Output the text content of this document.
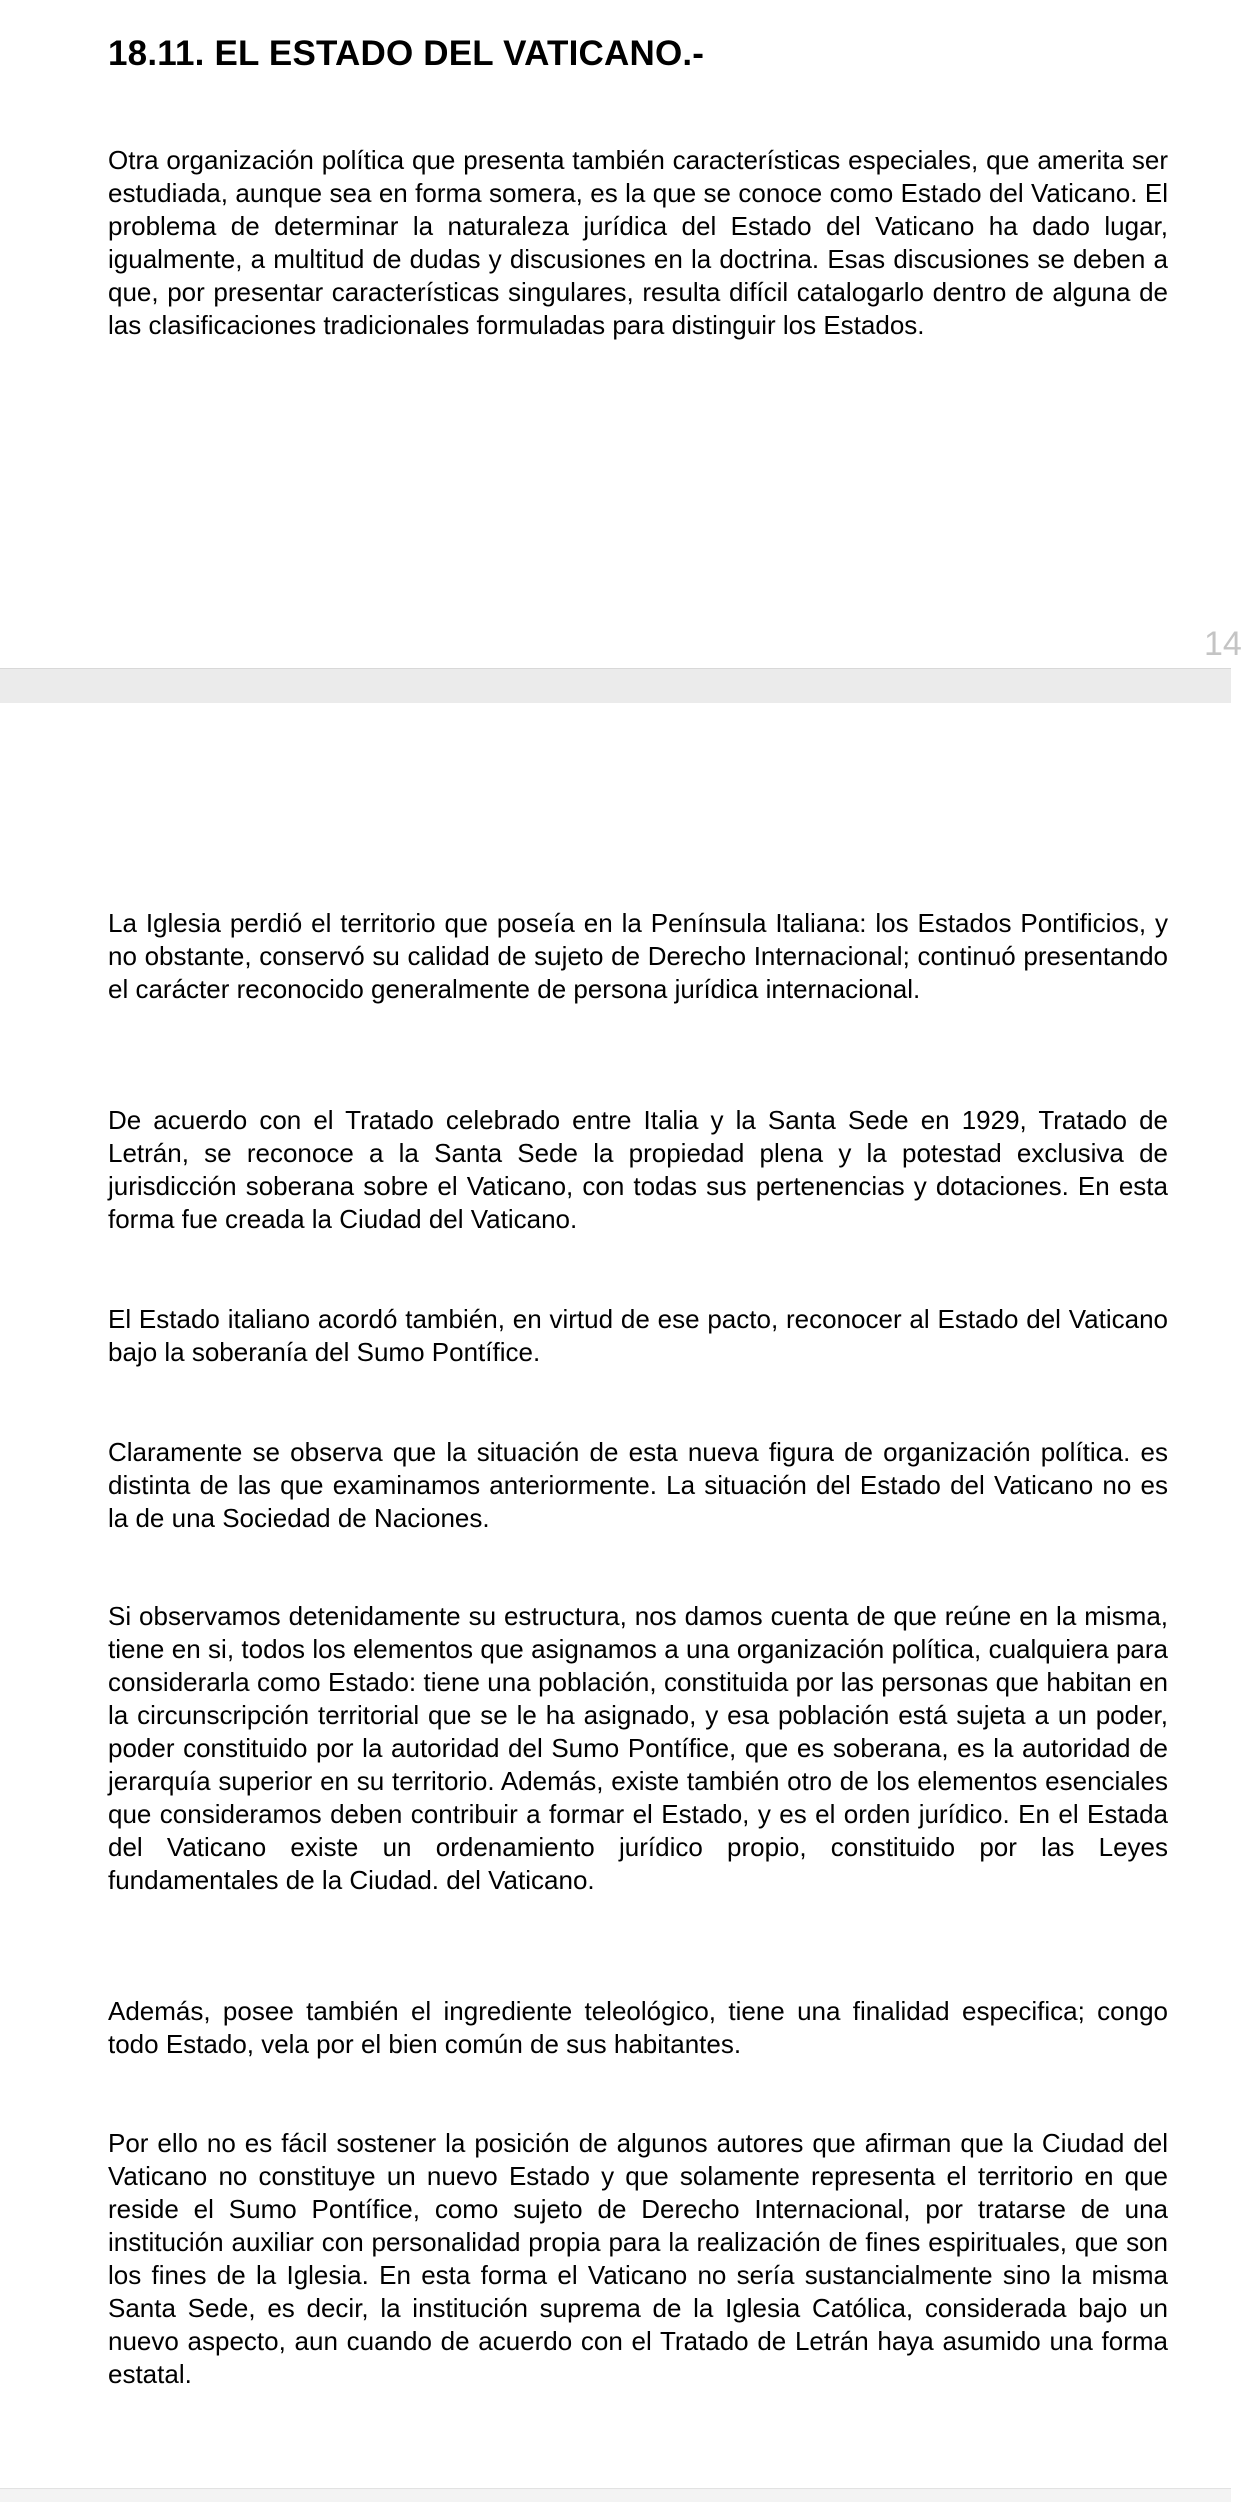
18.11. EL ESTADO DEL VATICANO.-

Otra organización política que presenta también características especiales, que amerita ser estudiada, aunque sea en forma somera, es la que se conoce como Estado del Vaticano. El problema de determinar la naturaleza jurídica del Estado del Vaticano ha dado lugar, igualmente, a multitud de dudas y discusiones en la doctrina. Esas discusiones se deben a que, por presentar características singulares, resulta difícil catalogarlo dentro de alguna de las clasificaciones tradicionales formuladas para distinguir los Estados.

14

La Iglesia perdió el territorio que poseía en la Península Italiana: los Estados Pontificios, y no obstante, conservó su calidad de sujeto de Derecho Internacional; continuó presentando el carácter reconocido generalmente de persona jurídica internacional.

De acuerdo con el Tratado celebrado entre Italia y la Santa Sede en 1929, Tratado de Letrán, se reconoce a la Santa Sede la propiedad plena y la potestad exclusiva de jurisdicción soberana sobre el Vaticano, con todas sus pertenencias y dotaciones. En esta forma fue creada la Ciudad del Vaticano.

El Estado italiano acordó también, en virtud de ese pacto, reconocer al Estado del Vaticano bajo la soberanía del Sumo Pontífice.

Claramente se observa que la situación de esta nueva figura de organización política. es distinta de las que examinamos anteriormente. La situación del Estado del Vaticano no es la de una Sociedad de Naciones.

Si observamos detenidamente su estructura, nos damos cuenta de que reúne en la misma, tiene en si, todos los elementos que asignamos a una organización política, cualquiera para considerarla como Estado: tiene una población, constituida por las personas que habitan en la circunscripción territorial que se le ha asignado, y esa población está sujeta a un poder, poder constituido por la autoridad del Sumo Pontífice, que es soberana, es la autoridad de jerarquía superior en su territorio. Además, existe también otro de los elementos esenciales que consideramos deben contribuir a formar el Estado, y es el orden jurídico. En el Estada del Vaticano existe un ordenamiento jurídico propio, constituido por las Leyes fundamentales de la Ciudad. del Vaticano.

Además, posee también el ingrediente teleológico, tiene una finalidad especifica; congo todo Estado, vela por el bien común de sus habitantes.

Por ello no es fácil sostener la posición de algunos autores que afirman que la Ciudad del Vaticano no constituye un nuevo Estado y que solamente representa el territorio en que reside el Sumo Pontífice, como sujeto de Derecho Internacional, por tratarse de una institución auxiliar con personalidad propia para la realización de fines espirituales, que son los fines de la Iglesia. En esta forma el Vaticano no sería sustancialmente sino la misma Santa Sede, es decir, la institución suprema de la Iglesia Católica, considerada bajo un nuevo aspecto, aun cuando de acuerdo con el Tratado de Letrán haya asumido una forma estatal.
